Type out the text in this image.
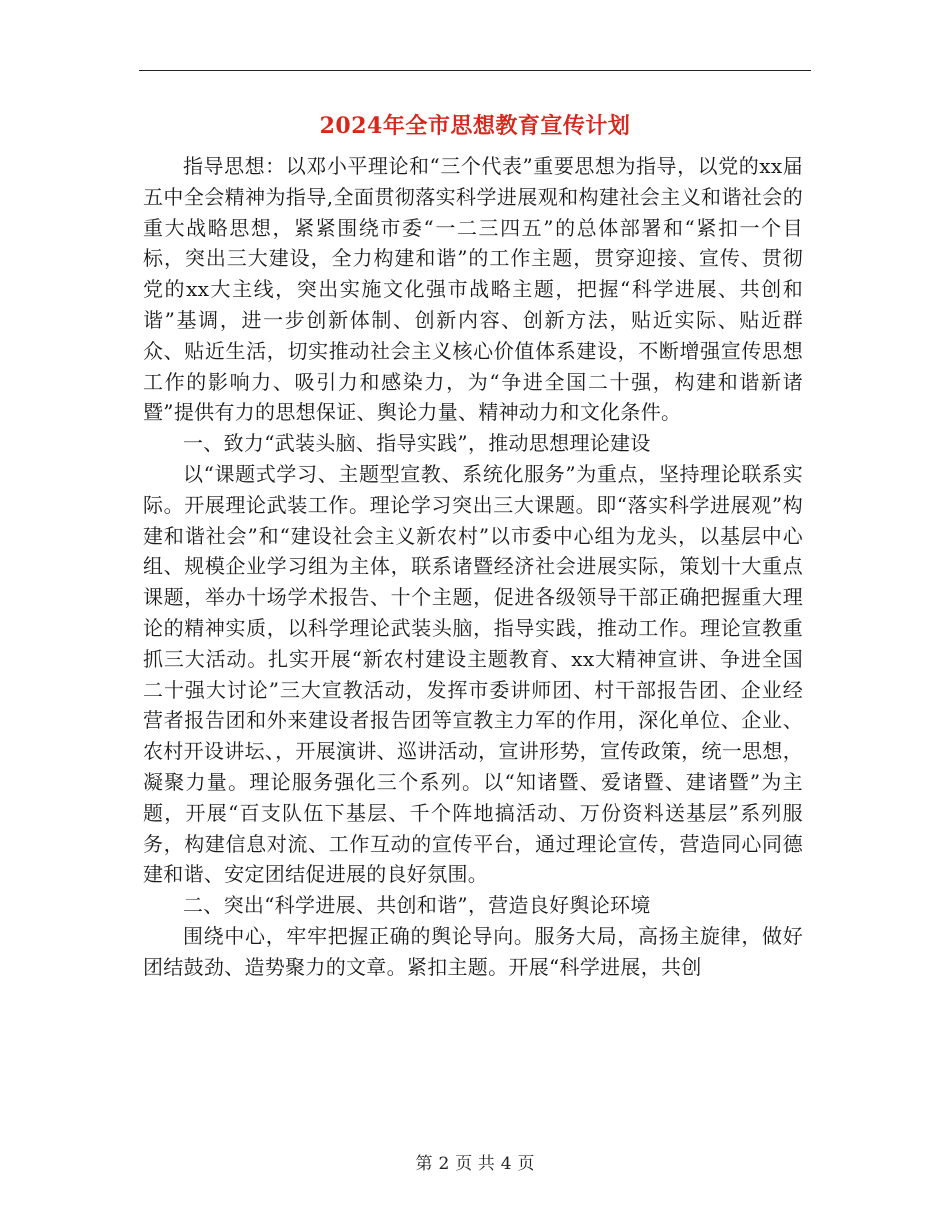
2024年全市思想教育宣传计划

指导思想：以邓小平理论和“三个代表”重要思想为指导，以党的xx届五中全会精神为指导,全面贯彻落实科学进展观和构建社会主义和谐社会的重大战略思想，紧紧围绕市委“一二三四五”的总体部署和“紧扣一个目标，突出三大建设，全力构建和谐”的工作主题，贯穿迎接、宣传、贯彻党的xx大主线，突出实施文化强市战略主题，把握“科学进展、共创和谐”基调，进一步创新体制、创新内容、创新方法，贴近实际、贴近群众、贴近生活，切实推动社会主义核心价值体系建设，不断增强宣传思想工作的影响力、吸引力和感染力，为“争进全国二十强，构建和谐新诸暨”提供有力的思想保证、舆论力量、精神动力和文化条件。

一、致力“武装头脑、指导实践”，推动思想理论建设

以“课题式学习、主题型宣教、系统化服务”为重点，坚持理论联系实际。开展理论武装工作。理论学习突出三大课题。即“落实科学进展观”构建和谐社会”和“建设社会主义新农村”以市委中心组为龙头，以基层中心组、规模企业学习组为主体，联系诸暨经济社会进展实际，策划十大重点课题，举办十场学术报告、十个主题，促进各级领导干部正确把握重大理论的精神实质，以科学理论武装头脑，指导实践，推动工作。理论宣教重抓三大活动。扎实开展“新农村建设主题教育、xx大精神宣讲、争进全国二十强大讨论”三大宣教活动，发挥市委讲师团、村干部报告团、企业经营者报告团和外来建设者报告团等宣教主力军的作用，深化单位、企业、农村开设讲坛、，开展演讲、巡讲活动，宣讲形势，宣传政策，统一思想，凝聚力量。理论服务强化三个系列。以“知诸暨、爱诸暨、建诸暨”为主题，开展“百支队伍下基层、千个阵地搞活动、万份资料送基层”系列服务，构建信息对流、工作互动的宣传平台，通过理论宣传，营造同心同德建和谐、安定团结促进展的良好氛围。

二、突出“科学进展、共创和谐”，营造良好舆论环境

围绕中心，牢牢把握正确的舆论导向。服务大局，高扬主旋律，做好团结鼓劲、造势聚力的文章。紧扣主题。开展“科学进展，共创

第 2 页 共 4 页
